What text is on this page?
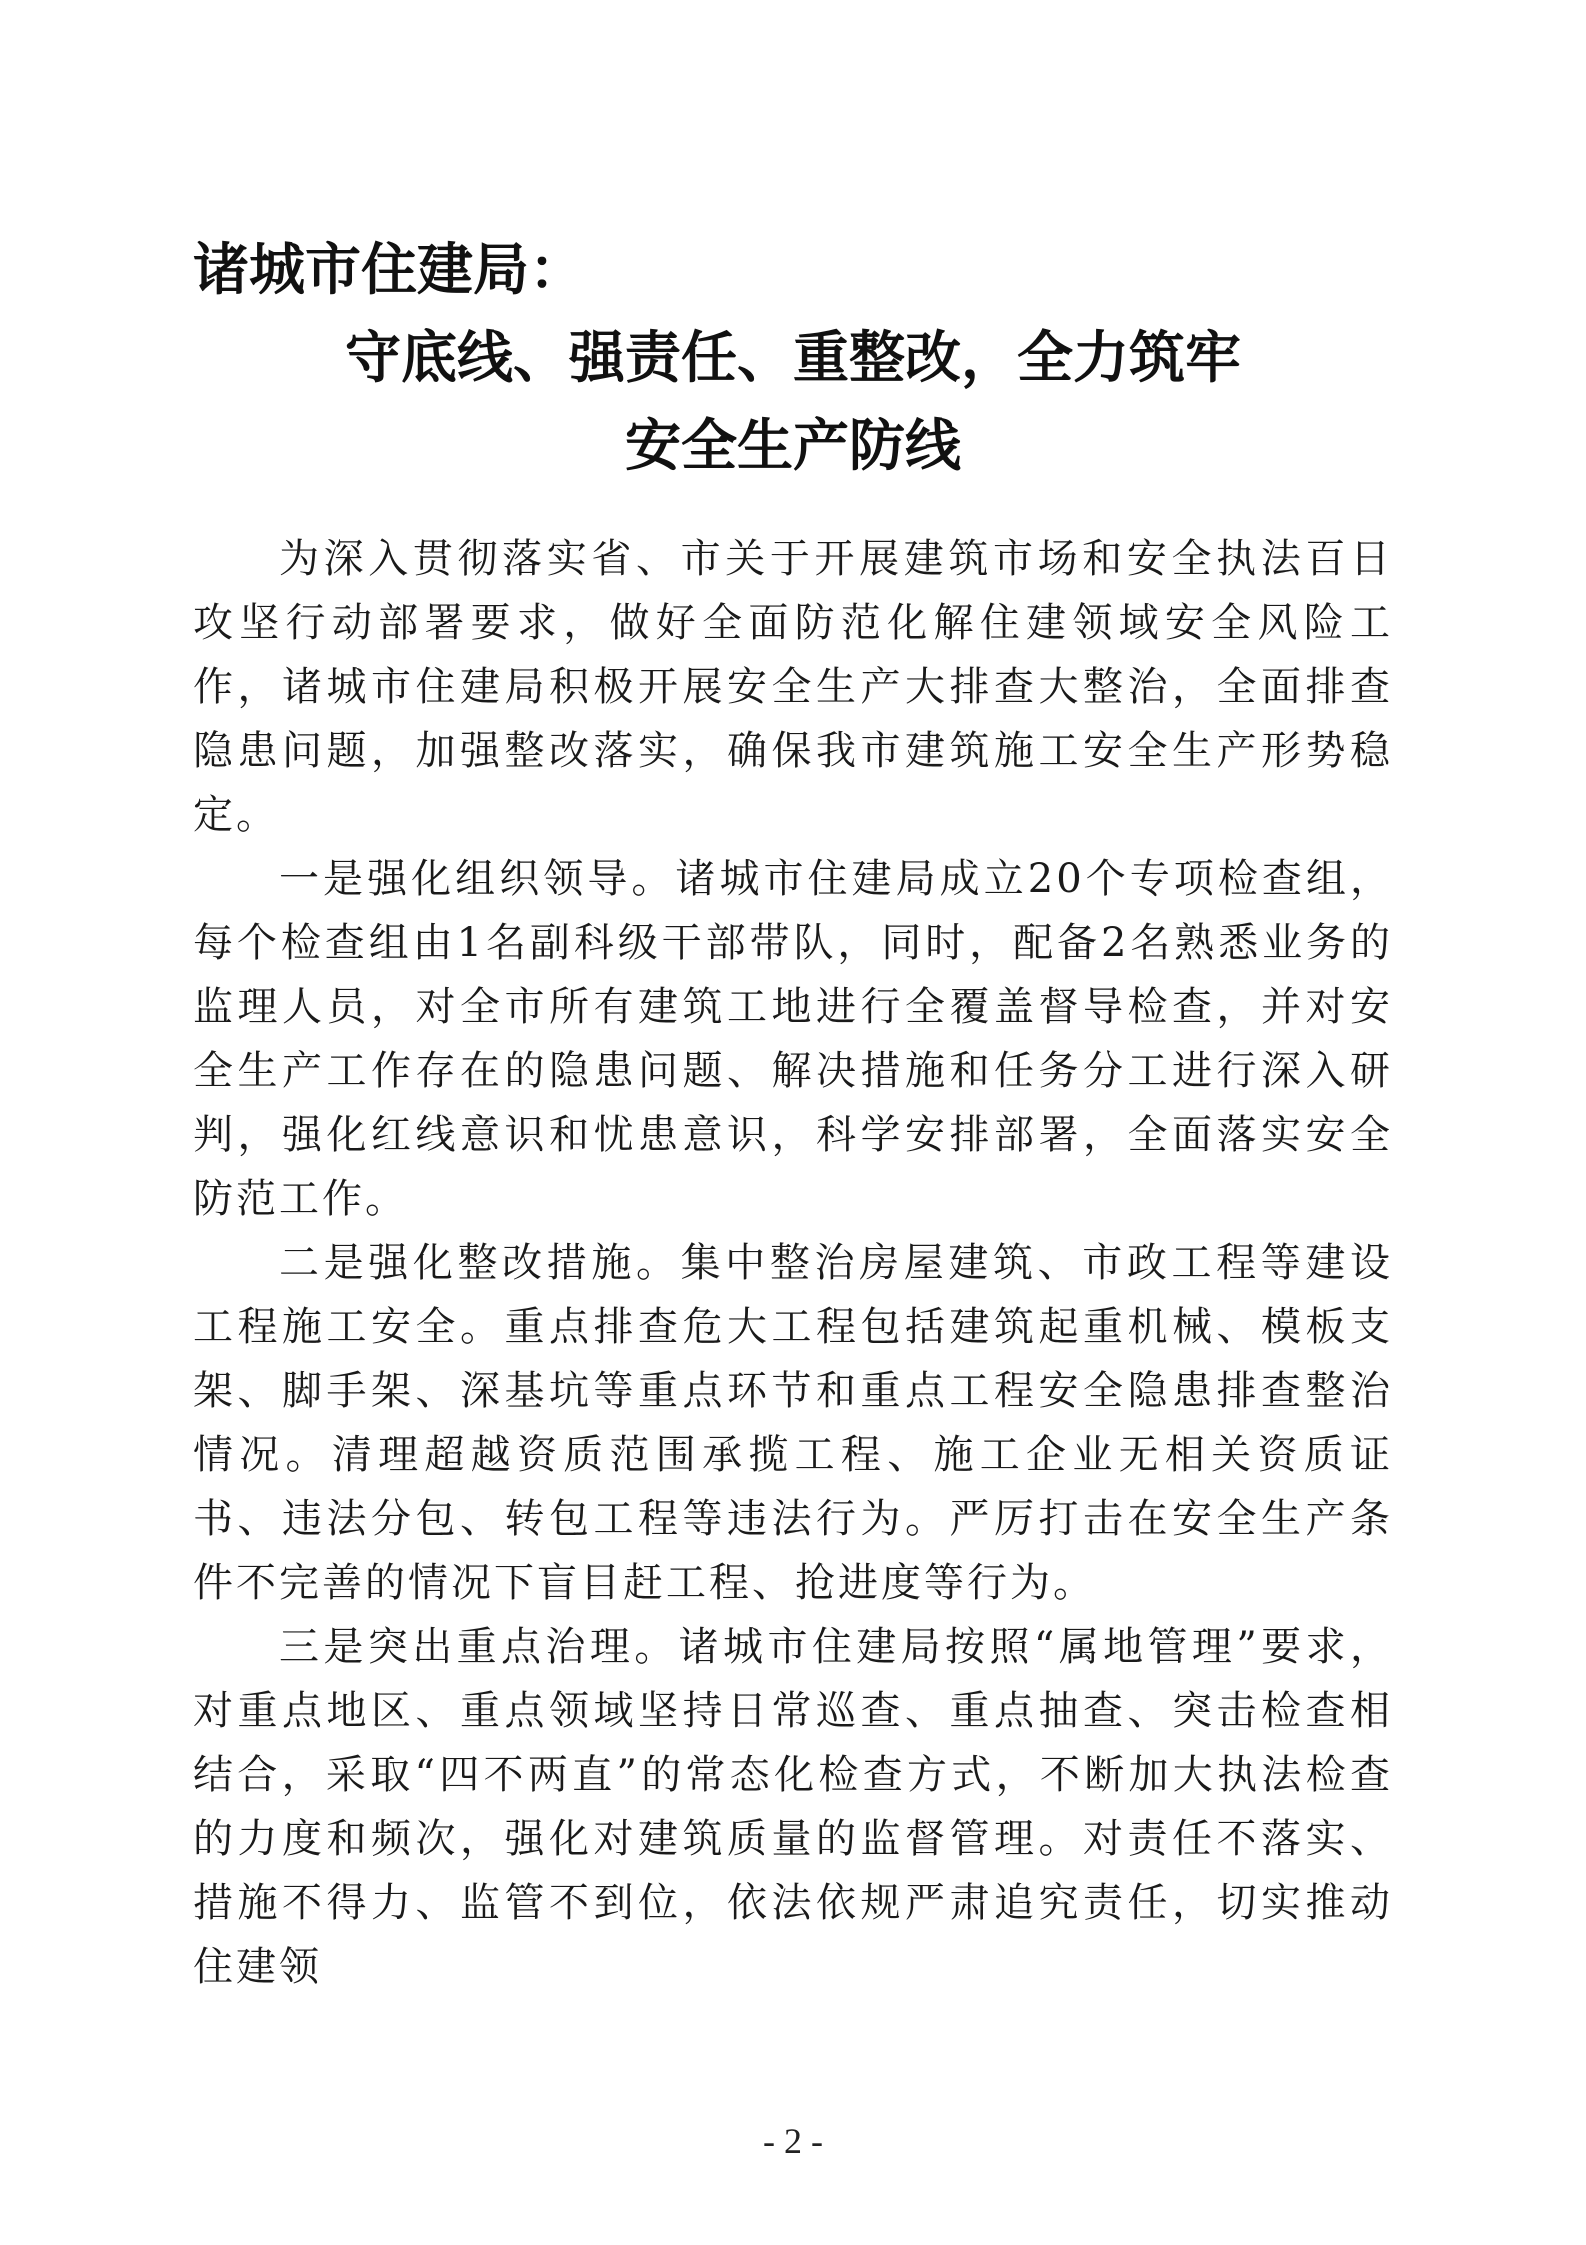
诸城市住建局：
守底线、强责任、重整改，全力筑牢
安全生产防线

为深入贯彻落实省、市关于开展建筑市场和安全执法百日攻坚行动部署要求，做好全面防范化解住建领域安全风险工作，诸城市住建局积极开展安全生产大排查大整治，全面排查隐患问题，加强整改落实，确保我市建筑施工安全生产形势稳定。

一是强化组织领导。诸城市住建局成立20个专项检查组，每个检查组由1名副科级干部带队，同时，配备2名熟悉业务的监理人员，对全市所有建筑工地进行全覆盖督导检查，并对安全生产工作存在的隐患问题、解决措施和任务分工进行深入研判，强化红线意识和忧患意识，科学安排部署，全面落实安全防范工作。

二是强化整改措施。集中整治房屋建筑、市政工程等建设工程施工安全。重点排查危大工程包括建筑起重机械、模板支架、脚手架、深基坑等重点环节和重点工程安全隐患排查整治情况。清理超越资质范围承揽工程、施工企业无相关资质证书、违法分包、转包工程等违法行为。严厉打击在安全生产条件不完善的情况下盲目赶工程、抢进度等行为。

三是突出重点治理。诸城市住建局按照“属地管理”要求，对重点地区、重点领域坚持日常巡查、重点抽查、突击检查相结合，采取“四不两直”的常态化检查方式，不断加大执法检查的力度和频次，强化对建筑质量的监督管理。对责任不落实、措施不得力、监管不到位，依法依规严肃追究责任，切实推动住建领

- 2 -
